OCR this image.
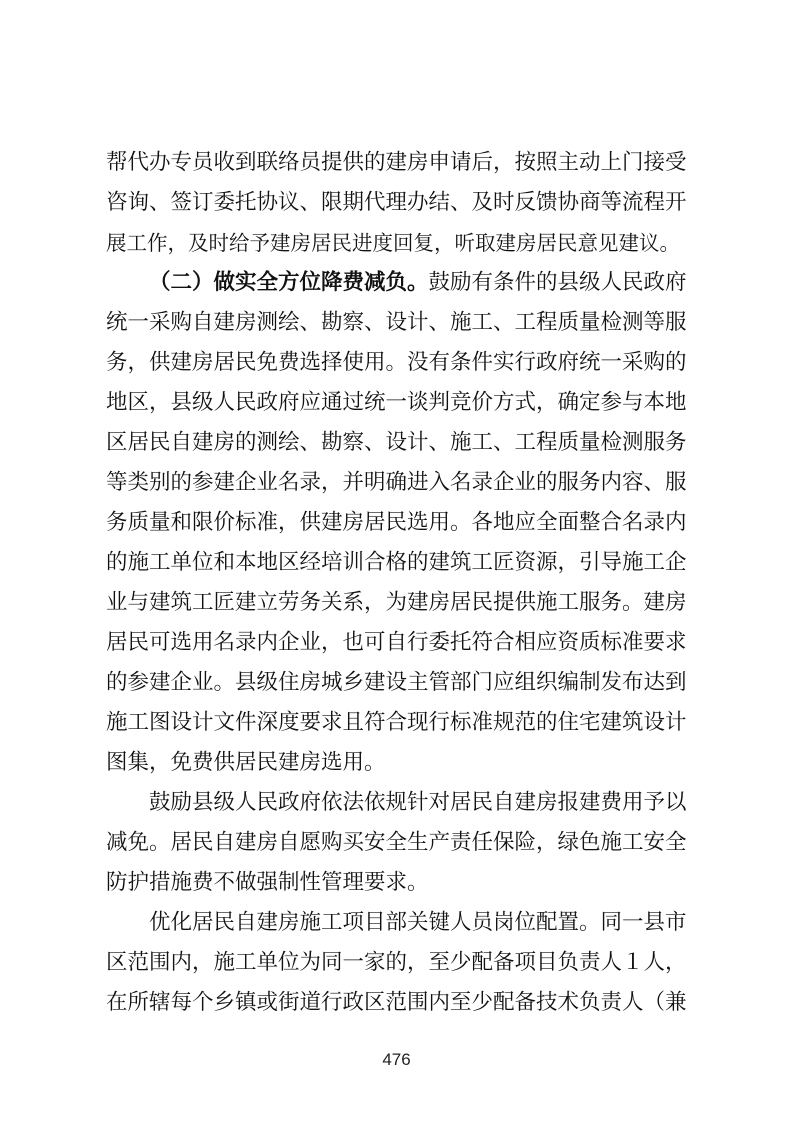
帮代办专员收到联络员提供的建房申请后，按照主动上门接受
咨询、签订委托协议、限期代理办结、及时反馈协商等流程开
展工作，及时给予建房居民进度回复，听取建房居民意见建议。
（二）做实全方位降费减负。鼓励有条件的县级人民政府
统一采购自建房测绘、勘察、设计、施工、工程质量检测等服
务，供建房居民免费选择使用。没有条件实行政府统一采购的
地区，县级人民政府应通过统一谈判竞价方式，确定参与本地
区居民自建房的测绘、勘察、设计、施工、工程质量检测服务
等类别的参建企业名录，并明确进入名录企业的服务内容、服
务质量和限价标准，供建房居民选用。各地应全面整合名录内
的施工单位和本地区经培训合格的建筑工匠资源，引导施工企
业与建筑工匠建立劳务关系，为建房居民提供施工服务。建房
居民可选用名录内企业，也可自行委托符合相应资质标准要求
的参建企业。县级住房城乡建设主管部门应组织编制发布达到
施工图设计文件深度要求且符合现行标准规范的住宅建筑设计
图集，免费供居民建房选用。
鼓励县级人民政府依法依规针对居民自建房报建费用予以
减免。居民自建房自愿购买安全生产责任保险，绿色施工安全
防护措施费不做强制性管理要求。
优化居民自建房施工项目部关键人员岗位配置。同一县市
区范围内，施工单位为同一家的，至少配备项目负责人１人，
在所辖每个乡镇或街道行政区范围内至少配备技术负责人（兼
476
